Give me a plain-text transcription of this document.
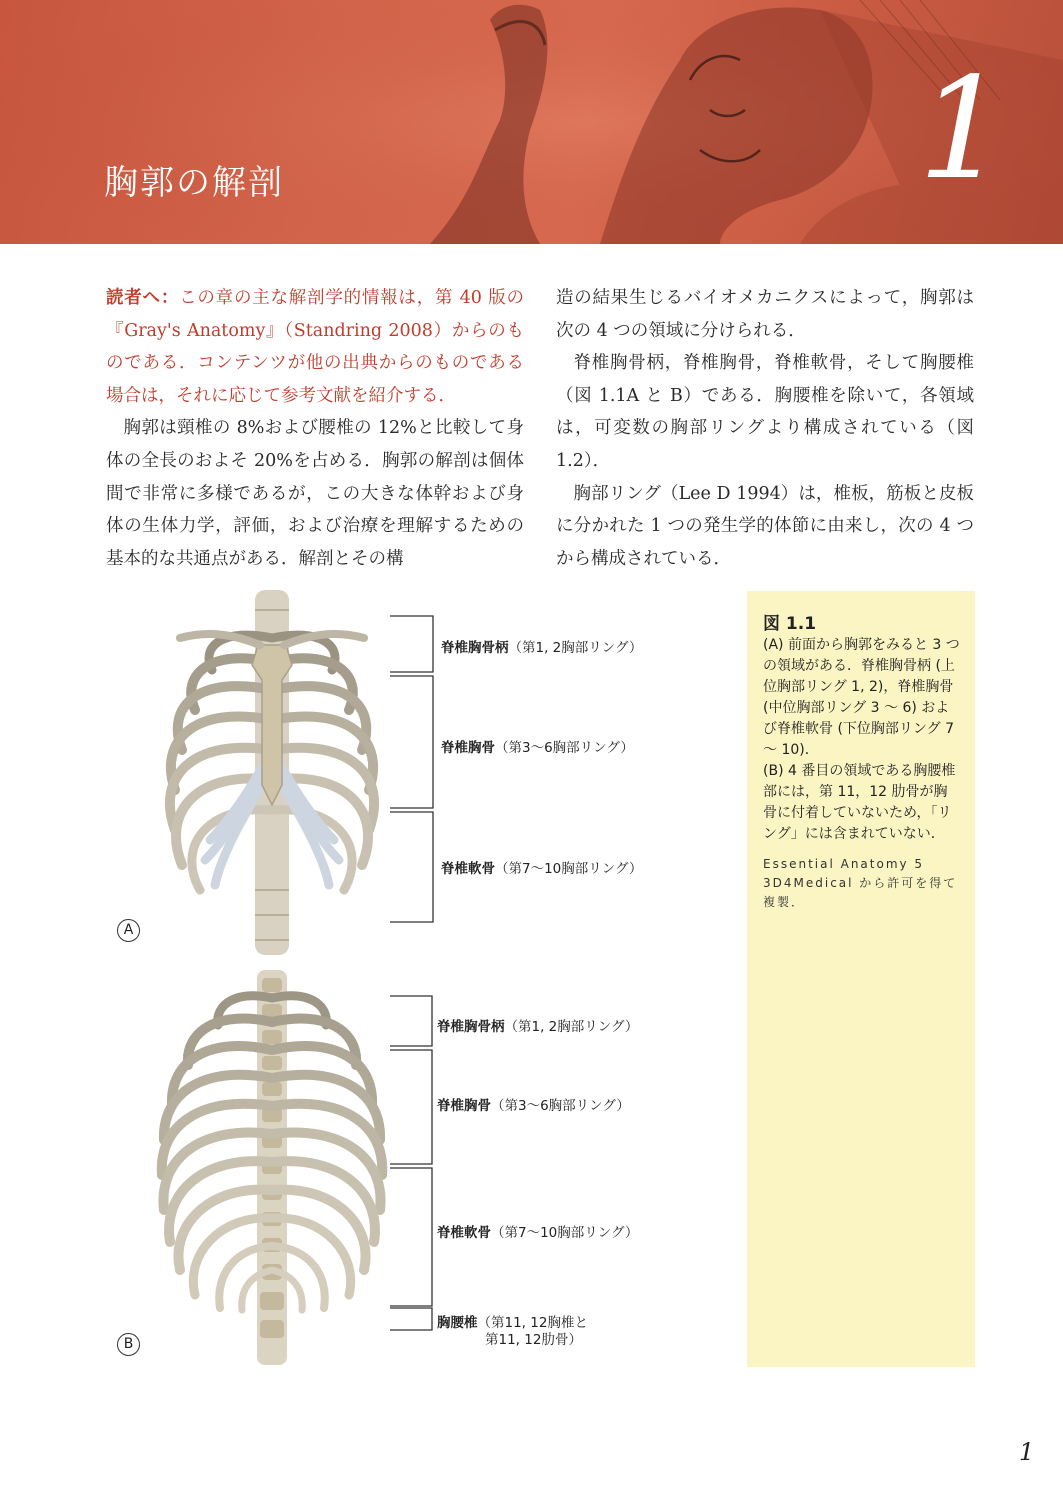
胸郭の解剖	1

読者へ：この章の主な解剖学的情報は，第 40 版の『Gray's Anatomy』（Standring 2008）からのものである．コンテンツが他の出典からのものである場合は，それに応じて参考文献を紹介する．

胸郭は頸椎の 8%および腰椎の 12%と比較して身体の全長のおよそ 20%を占める．胸郭の解剖は個体間で非常に多様であるが，この大きな体幹および身体の生体力学，評価，および治療を理解するための基本的な共通点がある．解剖とその構

造の結果生じるバイオメカニクスによって，胸郭は次の 4 つの領域に分けられる．

脊椎胸骨柄，脊椎胸骨，脊椎軟骨，そして胸腰椎（図 1.1A と B）である．胸腰椎を除いて，各領域は，可変数の胸部リングより構成されている（図 1.2）．

胸部リング（Lee D 1994）は，椎板，筋板と皮板に分かれた 1 つの発生学的体節に由来し，次の 4 つから構成されている．

脊椎胸骨柄（第1, 2胸部リング）
脊椎胸骨（第3〜6胸部リング）
脊椎軟骨（第7〜10胸部リング）
A
脊椎胸骨柄（第1, 2胸部リング）
脊椎胸骨（第3〜6胸部リング）
脊椎軟骨（第7〜10胸部リング）
胸腰椎（第11, 12胸椎と
第11, 12肋骨）
B
図 1.1

(A) 前面から胸郭をみると 3 つの領域がある．脊椎胸骨柄 (上位胸部リング 1, 2)，脊椎胸骨 (中位胸部リング 3 〜 6) および脊椎軟骨 (下位胸部リング 7 〜 10)．

(B) 4 番目の領域である胸腰椎部には，第 11，12 肋骨が胸骨に付着していないため，「リング」には含まれていない．

Essential Anatomy 5 3D4Medical から許可を得て複製．

1
